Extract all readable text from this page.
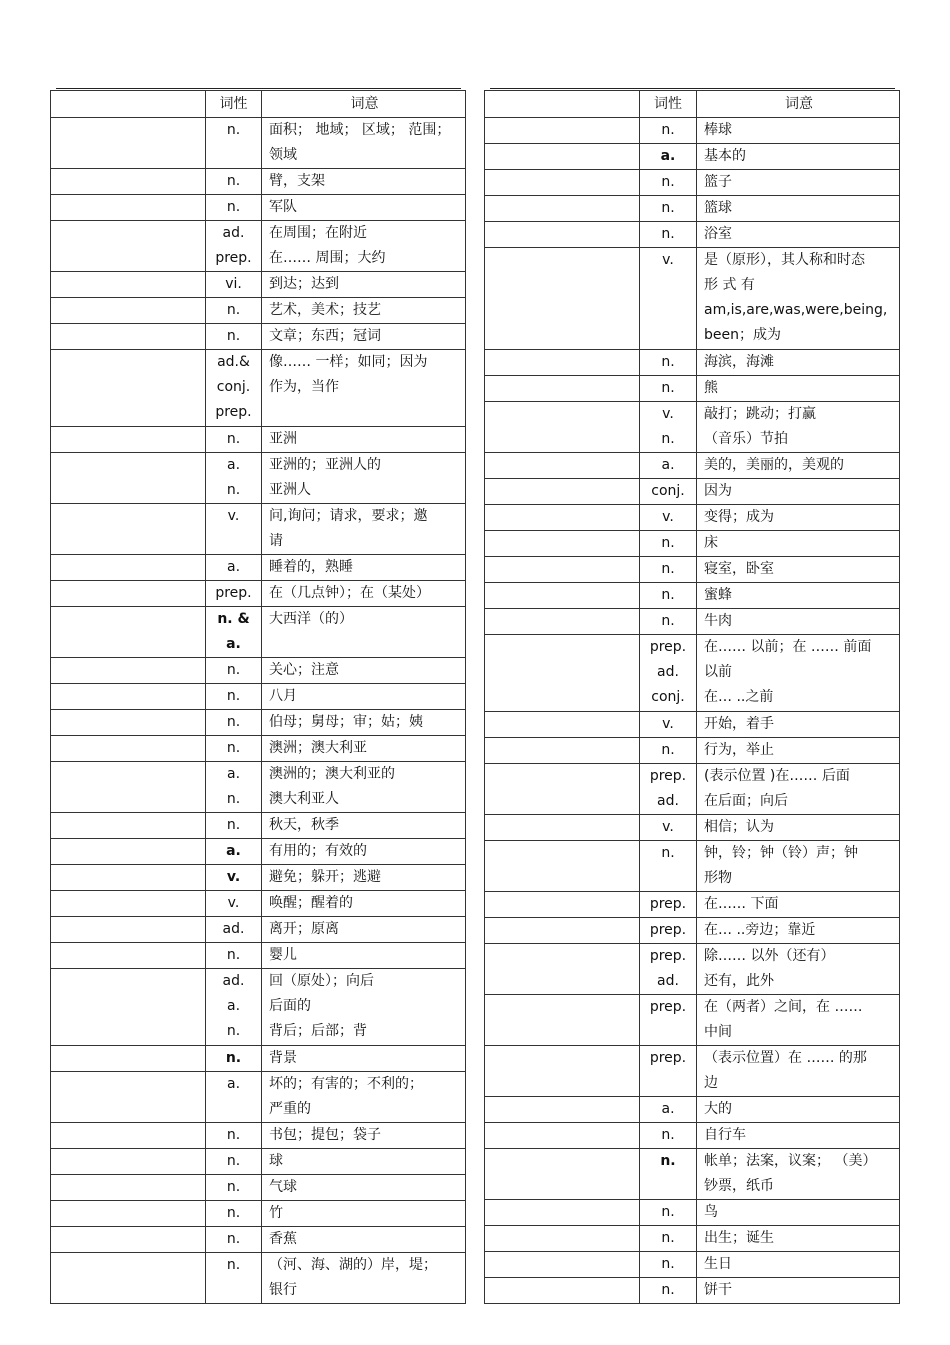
	词性	词意

	n.	面积； 地域； 区域； 范围；
领域

	n.	臂，支架

	n.	军队

	ad.
prep.	在周围；在附近
在…… 周围；大约

	vi.	到达；达到

	n.	艺术，美术；技艺

	n.	文章；东西；冠词

	ad.&
conj.
prep.	像…… 一样；如同；因为
作为，当作

	n.	亚洲

	a.
n.	亚洲的；亚洲人的
亚洲人

	v.	问,询问；请求，要求；邀
请

	a.	睡着的，熟睡

	prep.	在（几点钟）；在（某处）

	n. &
a.	大西洋（的）

	n.	关心；注意

	n.	八月

	n.	伯母；舅母；审；姑；姨

	n.	澳洲；澳大利亚

	a.
n.	澳洲的；澳大利亚的
澳大利亚人

	n.	秋天，秋季

	a.	有用的；有效的

	v.	避免；躲开；逃避

	v.	唤醒；醒着的

	ad.	离开；原离

	n.	婴儿

	ad.
a.
n.	回（原处）；向后
后面的
背后；后部；背

	n.	背景

	a.	坏的；有害的；不利的；
严重的

	n.	书包；提包；袋子

	n.	球

	n.	气球

	n.	竹

	n.	香蕉

	n.	（河、海、湖的）岸，堤；
银行
	词性	词意

	n.	棒球

	a.	基本的

	n.	篮子

	n.	篮球

	n.	浴室

	v.	是（原形），其人称和时态
形 式 有
am,is,are,was,were,being,
been；成为

	n.	海滨，海滩

	n.	熊

	v.
n.	敲打；跳动；打赢
（音乐）节拍

	a.	美的，美丽的，美观的

	conj.	因为

	v.	变得；成为

	n.	床

	n.	寝室，卧室

	n.	蜜蜂

	n.	牛肉

	prep.
ad.
conj.	在…… 以前；在 …… 前面
以前
在… ..之前

	v.	开始，着手

	n.	行为，举止

	prep.
ad.	(表示位置 )在…… 后面
在后面；向后

	v.	相信；认为

	n.	钟，铃；钟（铃）声；钟
形物

	prep.	在…… 下面

	prep.	在… ..旁边；靠近

	prep.
ad.	除…… 以外（还有）
还有，此外

	prep.	在（两者）之间，在 ……
中间

	prep.	（表示位置）在 …… 的那
边

	a.	大的

	n.	自行车

	n.	帐单；法案，议案； （美）
钞票，纸币

	n.	鸟

	n.	出生；诞生

	n.	生日

	n.	饼干
